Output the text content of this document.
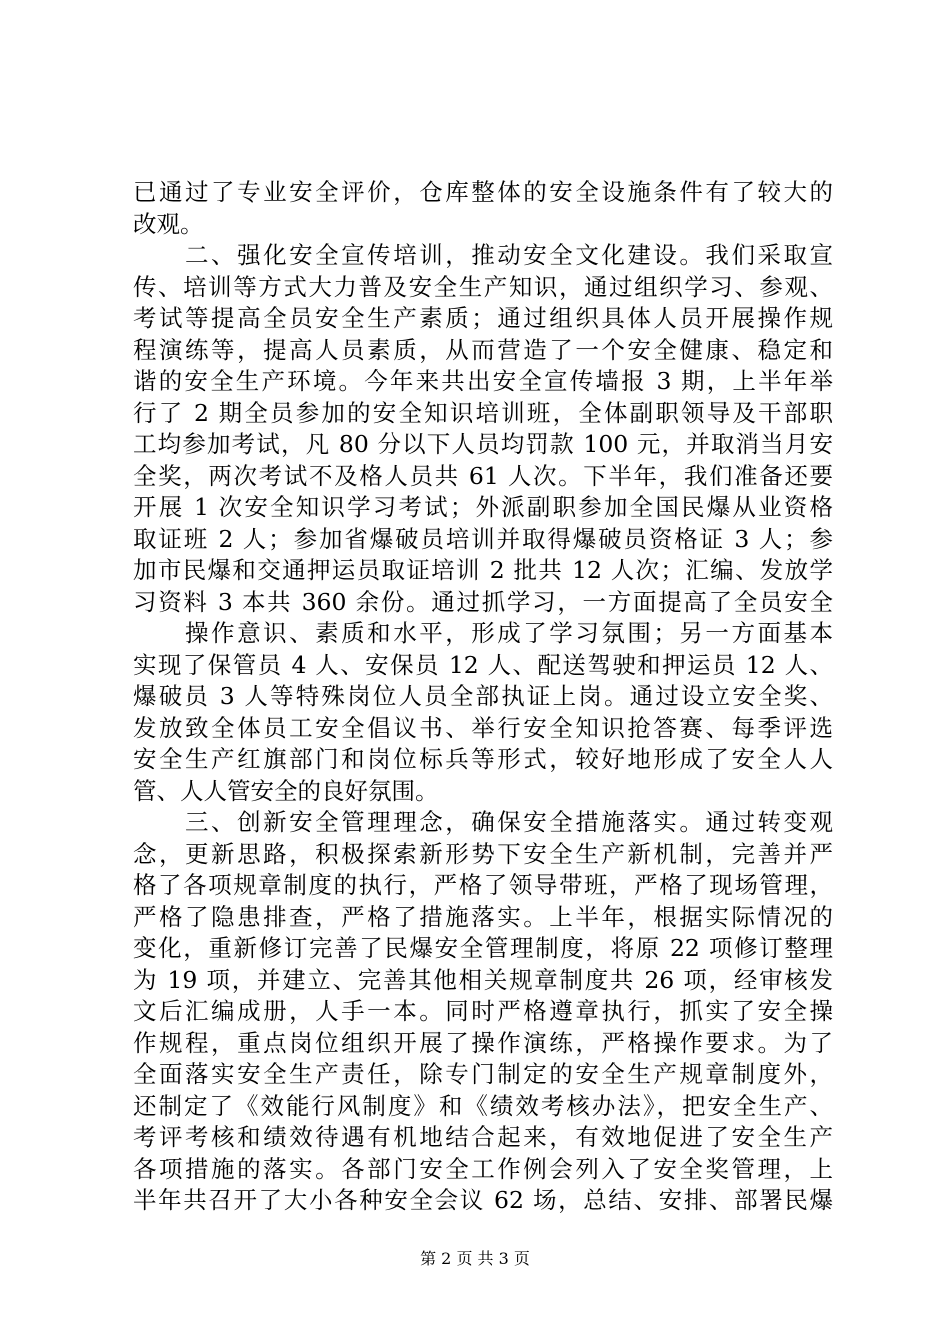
已通过了专业安全评价，仓库整体的安全设施条件有了较大的
改观。
　　二、强化安全宣传培训，推动安全文化建设。我们采取宣
传、培训等方式大力普及安全生产知识，通过组织学习、参观、
考试等提高全员安全生产素质；通过组织具体人员开展操作规
程演练等，提高人员素质，从而营造了一个安全健康、稳定和
谐的安全生产环境。今年来共出安全宣传墙报 3 期，上半年举
行了 2 期全员参加的安全知识培训班，全体副职领导及干部职
工均参加考试，凡 80 分以下人员均罚款 100 元，并取消当月安
全奖，两次考试不及格人员共 61 人次。下半年，我们准备还要
开展 1 次安全知识学习考试；外派副职参加全国民爆从业资格
取证班 2 人；参加省爆破员培训并取得爆破员资格证 3 人；参
加市民爆和交通押运员取证培训 2 批共 12 人次；汇编、发放学
习资料 3 本共 360 余份。通过抓学习，一方面提高了全员安全
　　操作意识、素质和水平，形成了学习氛围；另一方面基本
实现了保管员 4 人、安保员 12 人、配送驾驶和押运员 12 人、
爆破员 3 人等特殊岗位人员全部执证上岗。通过设立安全奖、
发放致全体员工安全倡议书、举行安全知识抢答赛、每季评选
安全生产红旗部门和岗位标兵等形式，较好地形成了安全人人
管、人人管安全的良好氛围。
　　三、创新安全管理理念，确保安全措施落实。通过转变观
念，更新思路，积极探索新形势下安全生产新机制，完善并严
格了各项规章制度的执行，严格了领导带班，严格了现场管理，
严格了隐患排查，严格了措施落实。上半年，根据实际情况的
变化，重新修订完善了民爆安全管理制度，将原 22 项修订整理
为 19 项，并建立、完善其他相关规章制度共 26 项，经审核发
文后汇编成册，人手一本。同时严格遵章执行，抓实了安全操
作规程，重点岗位组织开展了操作演练，严格操作要求。为了
全面落实安全生产责任，除专门制定的安全生产规章制度外，
还制定了《效能行风制度》和《绩效考核办法》，把安全生产、
考评考核和绩效待遇有机地结合起来，有效地促进了安全生产
各项措施的落实。各部门安全工作例会列入了安全奖管理，上
半年共召开了大小各种安全会议 62 场，总结、安排、部署民爆
第 2 页 共 3 页
